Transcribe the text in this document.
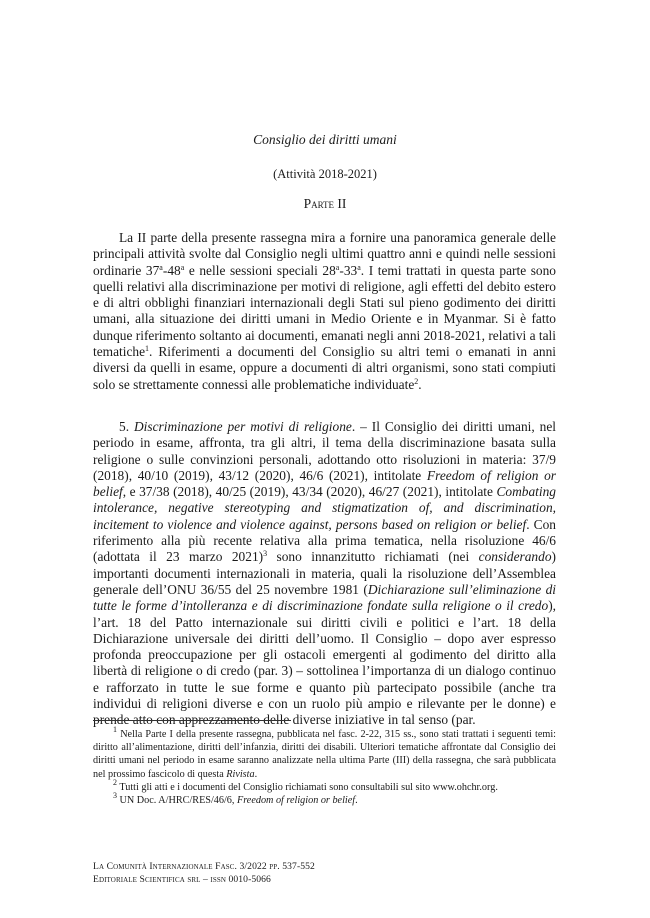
Consiglio dei diritti umani
(Attività 2018-2021)
Parte II

La II parte della presente rassegna mira a fornire una panoramica generale delle principali attività svolte dal Consiglio negli ultimi quattro anni e quindi nelle sessioni ordinarie 37$^a$-48$^a$ e nelle sessioni speciali 28$^a$-33$^a$. I temi trattati in questa parte sono quelli relativi alla discriminazione per motivi di religione, agli effetti del debito estero e di altri obblighi finanziari internazionali degli Stati sul pieno godimento dei diritti umani, alla situazione dei diritti umani in Medio Oriente e in Myanmar. Si è fatto dunque riferimento soltanto ai documenti, emanati negli anni 2018-2021, relativi a tali tematiche$^1$. Riferimenti a documenti del Consiglio su altri temi o emanati in anni diversi da quelli in esame, oppure a documenti di altri organismi, sono stati compiuti solo se strettamente connessi alle problematiche individuate$^2$.

5. Discriminazione per motivi di religione. – Il Consiglio dei diritti umani, nel periodo in esame, affronta, tra gli altri, il tema della discriminazione basata sulla religione o sulle convinzioni personali, adottando otto risoluzioni in materia: 37/9 (2018), 40/10 (2019), 43/12 (2020), 46/6 (2021), intitolate Freedom of religion or belief, e 37/38 (2018), 40/25 (2019), 43/34 (2020), 46/27 (2021), intitolate Combating intolerance, negative stereotyping and stigmatization of, and discrimination, incitement to violence and violence against, persons based on religion or belief. Con riferimento alla più recente relativa alla prima tematica, nella risoluzione 46/6 (adottata il 23 marzo 2021)$^3$ sono innanzitutto richiamati (nei considerando) importanti documenti internazionali in materia, quali la risoluzione dell’Assemblea generale dell’ONU 36/55 del 25 novembre 1981 (Dichiarazione sull’eliminazione di tutte le forme d’intolleranza e di discriminazione fondate sulla religione o il credo), l’art. 18 del Patto internazionale sui diritti civili e politici e l’art. 18 della Dichiarazione universale dei diritti dell’uomo. Il Consiglio – dopo aver espresso profonda preoccupazione per gli ostacoli emergenti al godimento del diritto alla libertà di religione o di credo (par. 3) – sottolinea l’importanza di un dialogo continuo e rafforzato in tutte le sue forme e quanto più partecipato possibile (anche tra individui di religioni diverse e con un ruolo più ampio e rilevante per le donne) e prende atto con apprezzamento delle diverse iniziative in tal senso (par.

$^1$ Nella Parte I della presente rassegna, pubblicata nel fasc. 2-22, 315 ss., sono stati trattati i seguenti temi: diritto all’alimentazione, diritti dell’infanzia, diritti dei disabili. Ulteriori tematiche affrontate dal Consiglio dei diritti umani nel periodo in esame saranno analizzate nella ultima Parte (III) della rassegna, che sarà pubblicata nel prossimo fascicolo di questa Rivista.
$^2$ Tutti gli atti e i documenti del Consiglio richiamati sono consultabili sul sito www.ohchr.org.
$^3$ UN Doc. A/HRC/RES/46/6, Freedom of religion or belief.
La Comunità Internazionale Fasc. 3/2022 pp. 537-552
Editoriale Scientifica srl – issn 0010-5066
